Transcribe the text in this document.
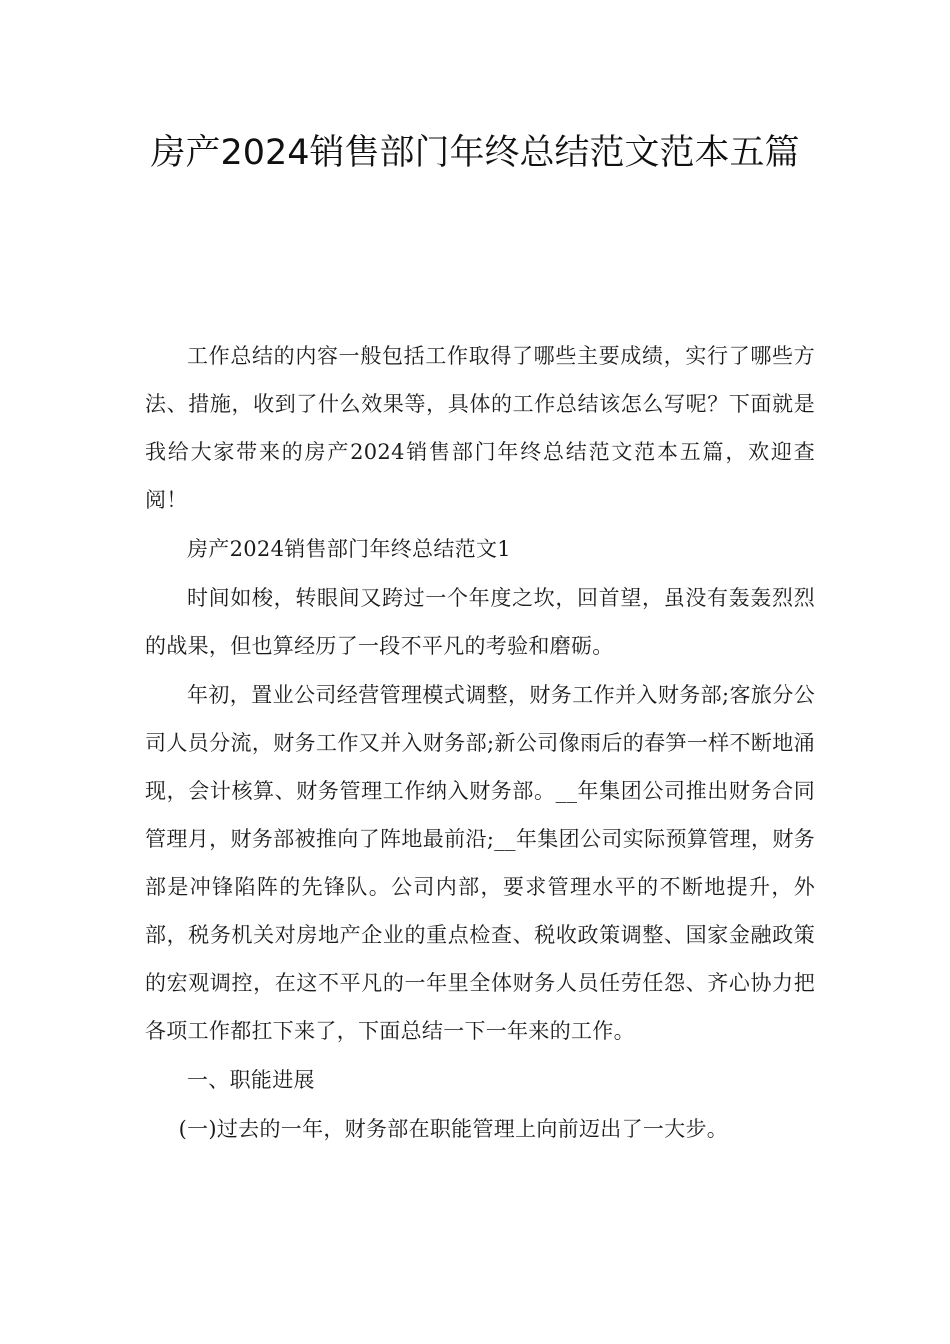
房产2024销售部门年终总结范文范本五篇

工作总结的内容一般包括工作取得了哪些主要成绩，实行了哪些方法、措施，收到了什么效果等，具体的工作总结该怎么写呢？下面就是我给大家带来的房产2024销售部门年终总结范文范本五篇，欢迎查阅！

房产2024销售部门年终总结范文1

时间如梭，转眼间又跨过一个年度之坎，回首望，虽没有轰轰烈烈的战果，但也算经历了一段不平凡的考验和磨砺。

年初，置业公司经营管理模式调整，财务工作并入财务部;客旅分公司人员分流，财务工作又并入财务部;新公司像雨后的春笋一样不断地涌现，会计核算、财务管理工作纳入财务部。__年集团公司推出财务合同管理月，财务部被推向了阵地最前沿;__年集团公司实际预算管理，财务部是冲锋陷阵的先锋队。公司内部，要求管理水平的不断地提升，外部，税务机关对房地产企业的重点检查、税收政策调整、国家金融政策的宏观调控，在这不平凡的一年里全体财务人员任劳任怨、齐心协力把各项工作都扛下来了，下面总结一下一年来的工作。

一、职能进展

(一)过去的一年，财务部在职能管理上向前迈出了一大步。
